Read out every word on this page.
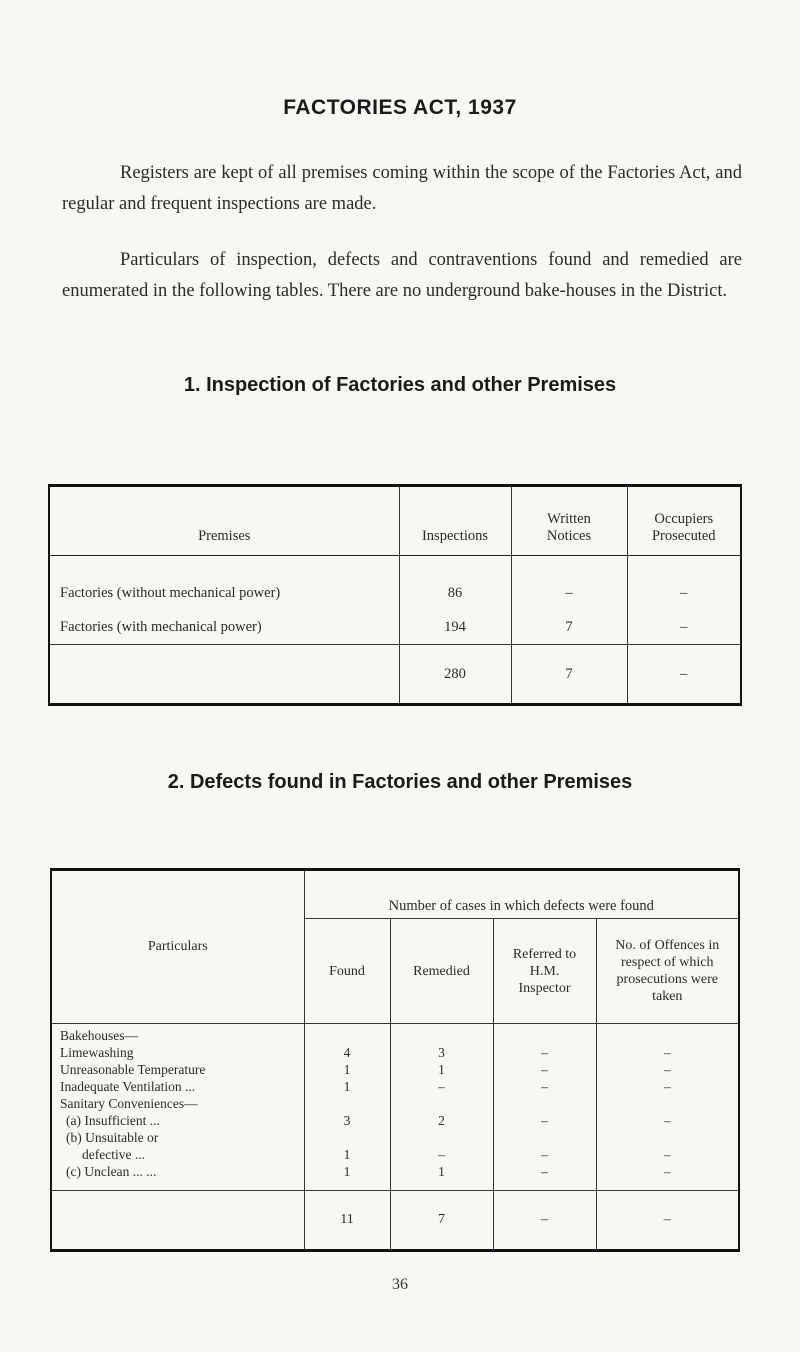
FACTORIES ACT, 1937

Registers are kept of all premises coming within the scope of the Factories Act, and regular and frequent inspections are made.

Particulars of inspection, defects and contraventions found and remedied are enumerated in the following tables. There are no underground bake-houses in the District.

1. Inspection of Factories and other Premises
Premises	Inspections	Written Notices	Occupiers Prosecuted
Factories (without mechanical power)	86	–	–
Factories (with mechanical power)	194	7	–
	280	7	–
2. Defects found in Factories and other Premises
Particulars	Number of cases in which defects were found			
	Found	Remedied	Referred to H.M. Inspector	No. of Offences in respect of which prosecutions were taken
Bakehouses—				
Limewashing	4	3	–	–
Unreasonable Temperature	1	1	–	–
Inadequate Ventilation ...	1	–	–	–
Sanitary Conveniences—				
(a) Insufficient ...	3	2	–	–
(b) Unsuitable or				
defective ...	1	–	–	–
(c) Unclean ... ...	1	1	–	–
	11	7	–	–
36
